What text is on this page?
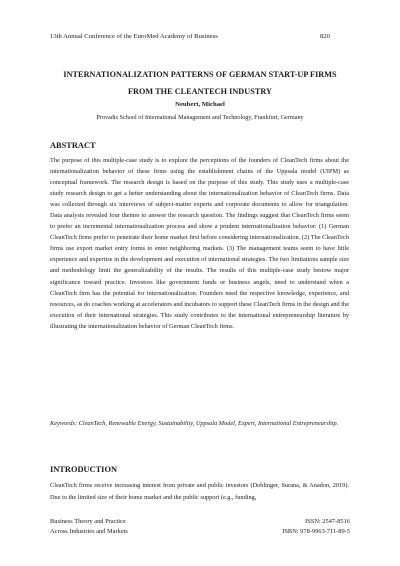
13th Annual Conference of the EuroMed Academy of Business	820
INTERNATIONALIZATION PATTERNS OF GERMAN START-UP FIRMS FROM THE CLEANTECH INDUSTRY
Neubert, Michael
Provadis School of International Management and Technology, Frankfurt, Germany
ABSTRACT

The purpose of this multiple-case study is to explore the perceptions of the founders of CleanTech firms about the internationalization behavior of these firms using the establishment chains of the Uppsala model (UIPM) as conceptual framework. The research design is based on the purpose of this study. This study uses a multiple-case study research design to get a better understanding about the internationalization behavior of CleanTech firms. Data was collected through six interviews of subject-matter experts and corporate documents to allow for triangulation. Data analysis revealed four themes to answer the research question. The findings suggest that CleanTech firms seem to prefer an incremental internationalization process and show a prudent internationalization behavior: (1) German CleanTech firms prefer to penetrate their home market first before considering internationalization. (2) The CleanTech firms use export market entry forms to enter neighboring markets. (3) The management teams seem to have little experience and expertise in the development and execution of international strategies. The two limitations sample size and methodology limit the generalizability of the results. The results of this multiple-case study bestow major significance toward practice. Investors like government funds or business angels, need to understand when a CleanTech firm has the potential for internationalization. Founders need the respective knowledge, experience, and resources, as do coaches working at accelerators and incubators to support these CleanTech firms in the design and the execution of their international strategies. This study contributes to the international entrepreneurship literature by illustrating the internationalization behavior of German CleanTech firms.

Keywords: CleanTech, Renewable Energy, Sustainability, Uppsala Model, Expert, International Entrepreneurship.

INTRODUCTION

CleanTech firms receive increasing interest from private and public investors (Doblinger, Surana, & Anadon, 2019). Due to the limited size of their home market and the public support (e.g., funding,

Business Theory and Practice
Across Industries and Markets
ISSN: 2547-8516
ISBN: 978-9963-711-89-5
